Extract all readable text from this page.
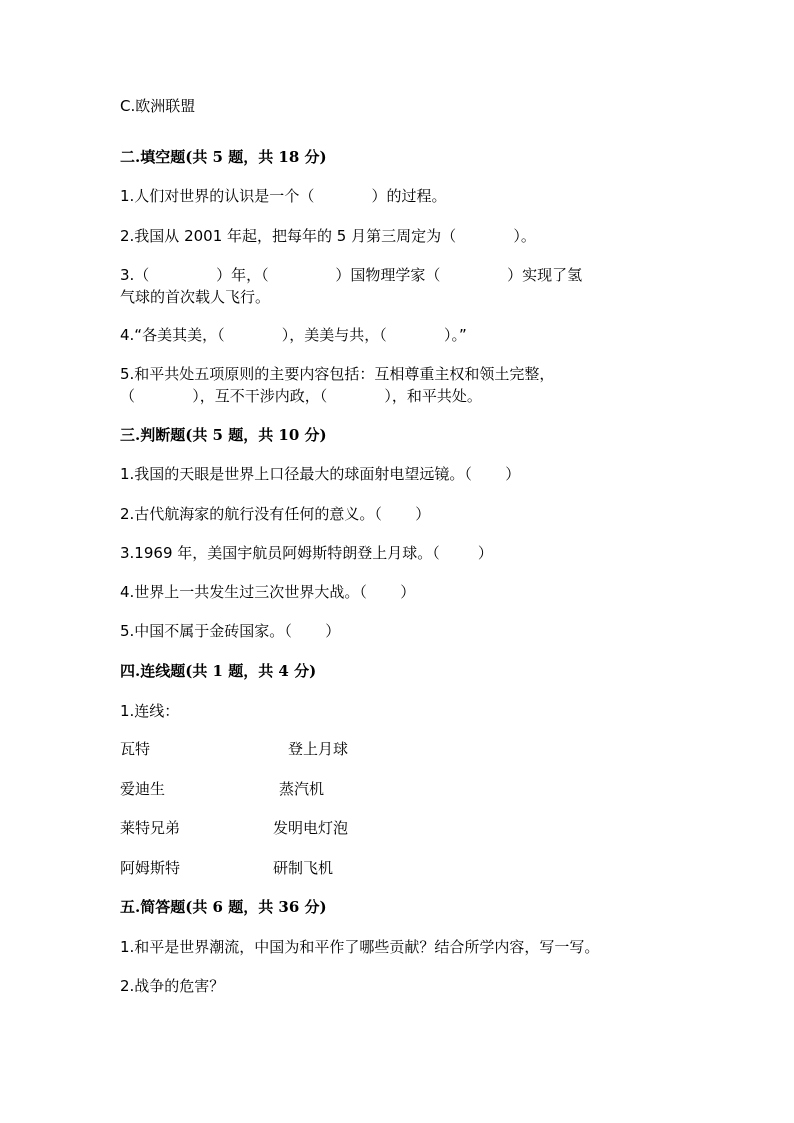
C.欧洲联盟
二.填空题(共 5 题，共 18 分)
1.人们对世界的认识是一个（            ）的过程。
2.我国从 2001 年起，把每年的 5 月第三周定为（            ）。
3.（              ）年，（              ）国物理学家（              ）实现了氢
气球的首次载人飞行。
4.“各美其美，（            ），美美与共，（            ）。”
5.和平共处五项原则的主要内容包括：互相尊重主权和领土完整，
（            ），互不干涉内政，（            ），和平共处。
三.判断题(共 5 题，共 10 分)
1.我国的天眼是世界上口径最大的球面射电望远镜。（       ）
2.古代航海家的航行没有任何的意义。（       ）
3.1969 年，美国宇航员阿姆斯特朗登上月球。（        ）
4.世界上一共发生过三次世界大战。（       ）
5.中国不属于金砖国家。（       ）
四.连线题(共 1 题，共 4 分)
1.连线：
瓦特	登上月球
爱迪生	蒸汽机
莱特兄弟	发明电灯泡
阿姆斯特	研制飞机
五.简答题(共 6 题，共 36 分)
1.和平是世界潮流，中国为和平作了哪些贡献？结合所学内容，写一写。
2.战争的危害？
